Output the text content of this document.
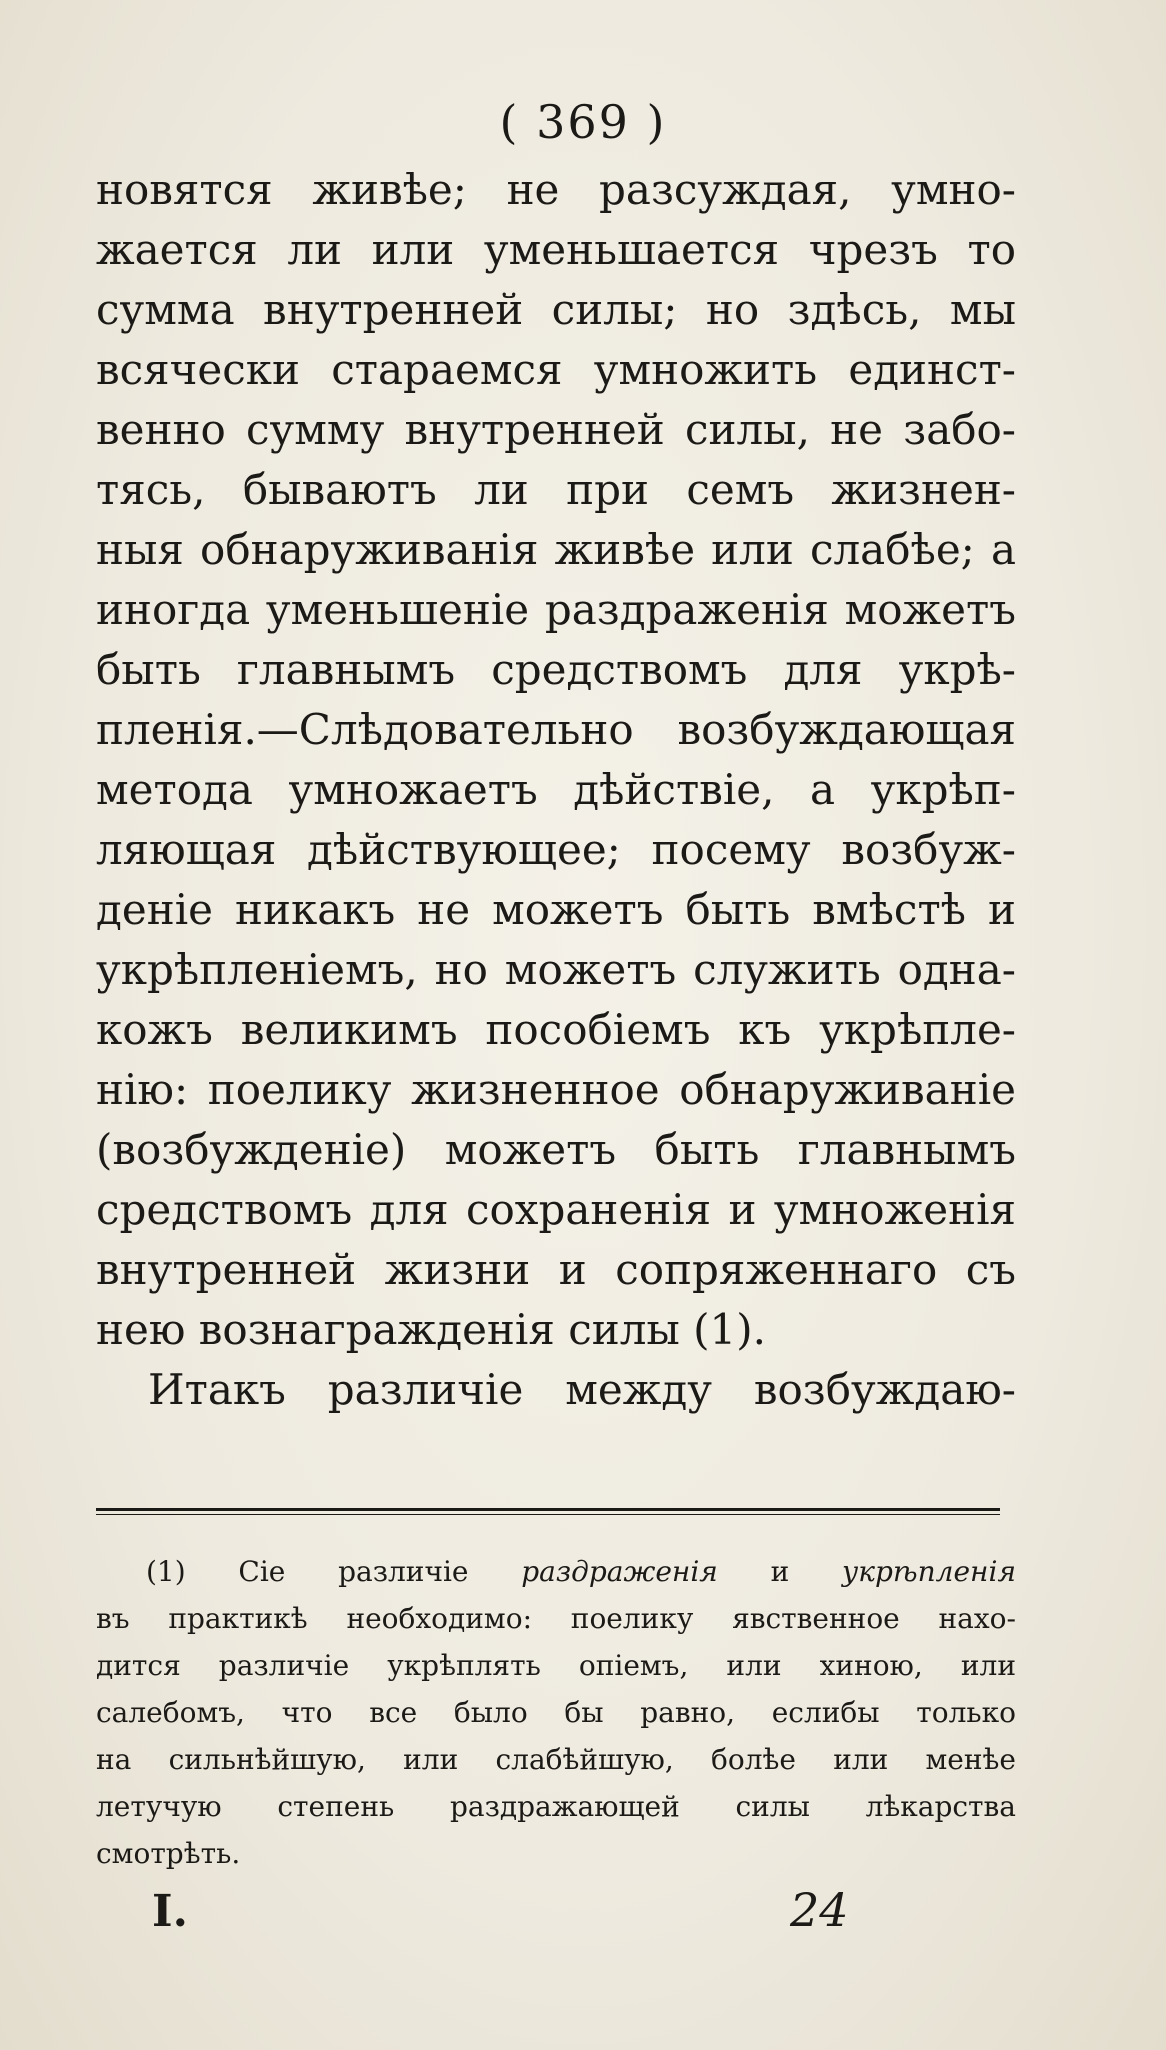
( 369 )
новятся живѣе; не разсуждая, умно-
жается ли или уменьшается чрезъ то
сумма внутренней силы; но здѣсь, мы
всячески стараемся умножить единст-
венно сумму внутренней силы, не забо-
тясь, бываютъ ли при семъ жизнен-
ныя обнаруживанія живѣе или слабѣе; а
иногда уменьшеніе раздраженія можетъ
быть главнымъ средствомъ для укрѣ-
пленія.—Слѣдовательно возбуждающая
метода умножаетъ дѣйствіе, а укрѣп-
ляющая дѣйствующее; посему возбуж-
деніе никакъ не можетъ быть вмѣстѣ и
укрѣпленіемъ, но можетъ служить одна-
кожъ великимъ пособіемъ къ укрѣпле-
нію: поелику жизненное обнаруживаніе
(возбужденіе) можетъ быть главнымъ
средствомъ для сохраненія и умноженія
внутренней жизни и сопряженнаго съ
нею вознагражденія силы (1).
Итакъ различіе между возбуждаю-
(1) Сіе различіе раздраженія и укрѣпленія
въ практикѣ необходимо: поелику явственное нахо-
дится различіе укрѣплять опіемъ, или хиною, или
салебомъ, что все было бы равно, еслибы только
на сильнѣйшую, или слабѣйшую, болѣе или менѣе
летучую степень раздражающей силы лѣкарства
смотрѣть.
I.	24
